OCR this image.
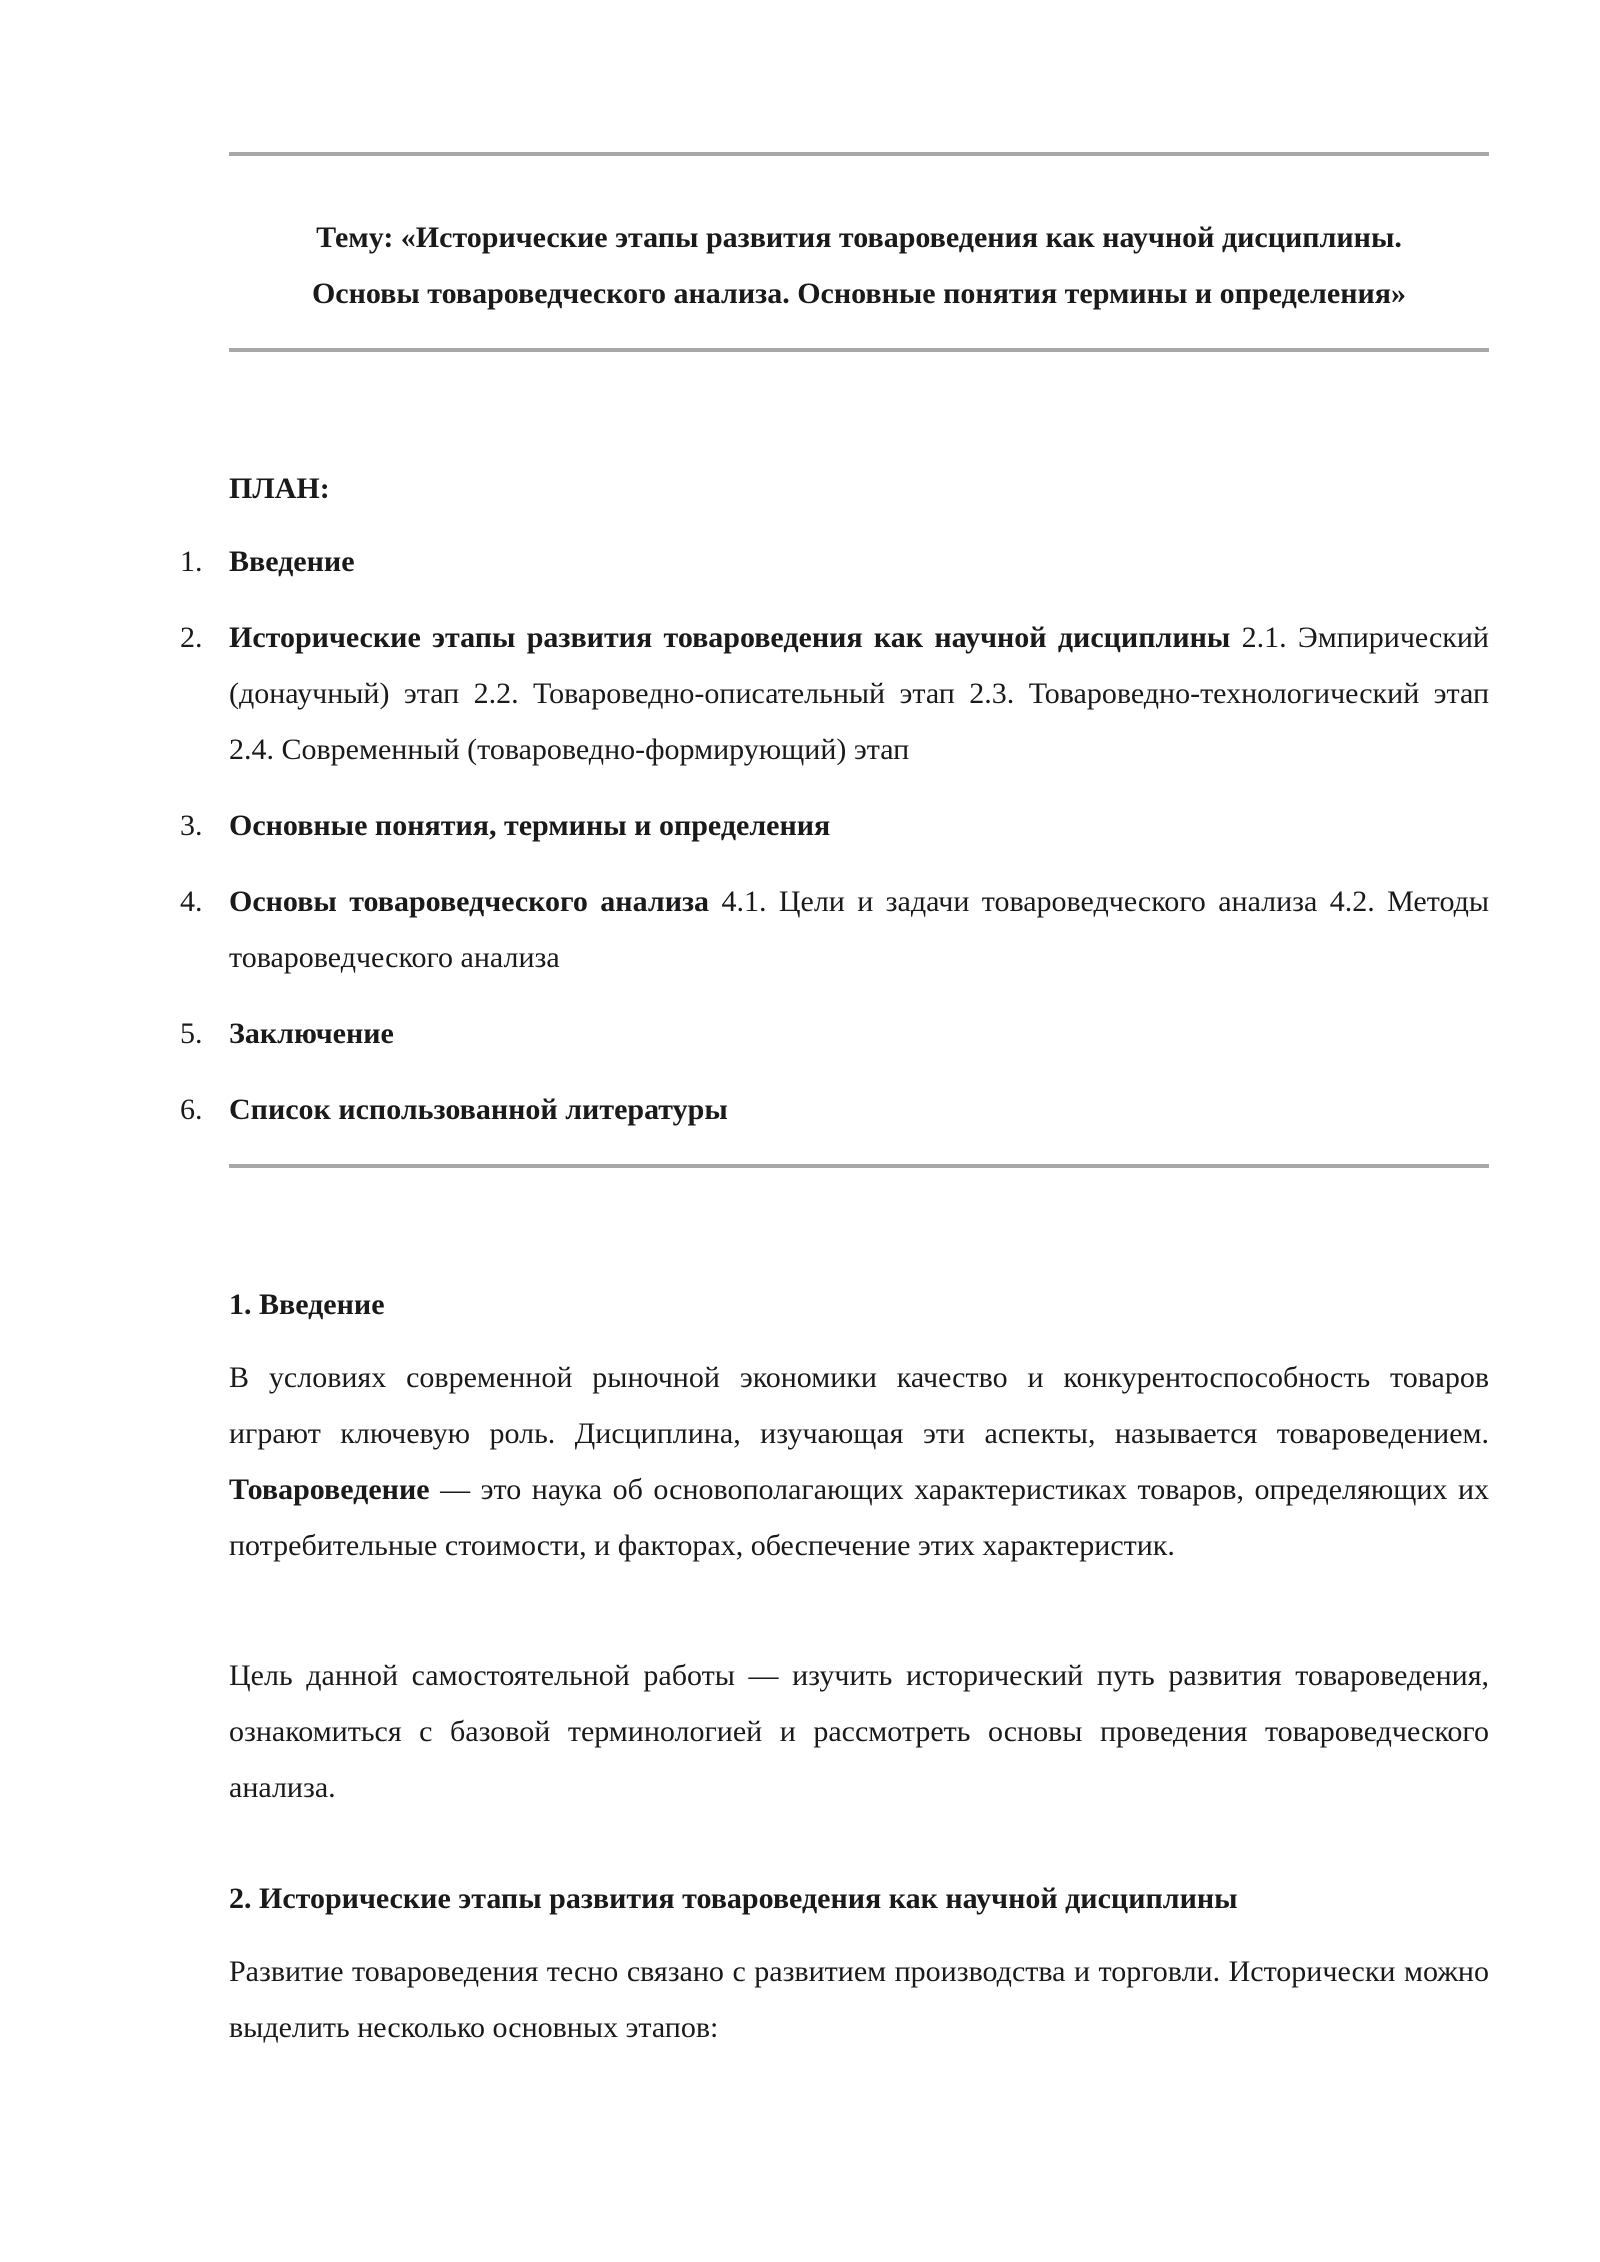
Тему: «Исторические этапы развития товароведения как научной дисциплины.
Основы товароведческого анализа. Основные понятия термины и определения»
ПЛАН:
1. Введение
2. Исторические этапы развития товароведения как научной дисциплины 2.1. Эмпирический (донаучный) этап 2.2. Товароведно-описательный этап 2.3. Товароведно-технологический этап 2.4. Современный (товароведно-формирующий) этап
3. Основные понятия, термины и определения
4. Основы товароведческого анализа 4.1. Цели и задачи товароведческого анализа 4.2. Методы товароведческого анализа
5. Заключение
6. Список использованной литературы
1. Введение

В условиях современной рыночной экономики качество и конкурентоспособность товаров играют ключевую роль. Дисциплина, изучающая эти аспекты, называется товароведением. Товароведение — это наука об основополагающих характеристиках товаров, определяющих их потребительные стоимости, и факторах, обеспечение этих характеристик.

Цель данной самостоятельной работы — изучить исторический путь развития товароведения, ознакомиться с базовой терминологией и рассмотреть основы проведения товароведческого анализа.

2. Исторические этапы развития товароведения как научной дисциплины

Развитие товароведения тесно связано с развитием производства и торговли. Исторически можно выделить несколько основных этапов:
